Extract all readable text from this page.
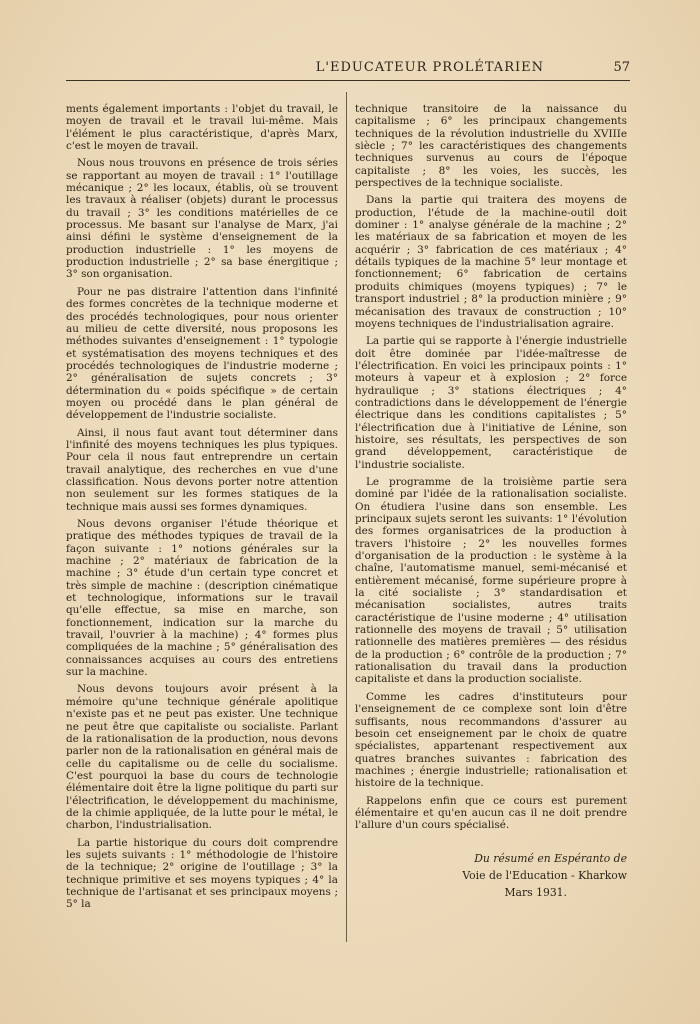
L'EDUCATEUR PROLÉTARIEN	57

ments également importants : l'objet du travail, le moyen de travail et le travail lui-même. Mais l'élément le plus caractéristique, d'après Marx, c'est le moyen de travail.

Nous nous trouvons en présence de trois séries se rapportant au moyen de travail : 1° l'outillage mécanique ; 2° les locaux, établis, où se trouvent les travaux à réaliser (objets) durant le processus du travail ; 3° les conditions matérielles de ce processus. Me basant sur l'analyse de Marx, j'ai ainsi défini le système d'enseignement de la production industrielle : 1° les moyens de production industrielle ; 2° sa base énergitique ; 3° son organisation.

Pour ne pas distraire l'attention dans l'infinité des formes concrètes de la technique moderne et des procédés technologiques, pour nous orienter au milieu de cette diversité, nous proposons les méthodes suivantes d'enseignement : 1° typologie et systématisation des moyens techniques et des procédés technologiques de l'industrie moderne ; 2° généralisation de sujets concrets ; 3° détermination du « poids spécifique » de certain moyen ou procédé dans le plan général de développement de l'industrie socialiste.

Ainsi, il nous faut avant tout déterminer dans l'infinité des moyens techniques les plus typiques. Pour cela il nous faut entreprendre un certain travail analytique, des recherches en vue d'une classification. Nous devons porter notre attention non seulement sur les formes statiques de la technique mais aussi ses formes dynamiques.

Nous devons organiser l'étude théorique et pratique des méthodes typiques de travail de la façon suivante : 1° notions générales sur la machine ; 2° matériaux de fabrication de la machine ; 3° étude d'un certain type concret et très simple de machine : (description cinématique et technologique, informations sur le travail qu'elle effectue, sa mise en marche, son fonctionnement, indication sur la marche du travail, l'ouvrier à la machine) ; 4° formes plus compliquées de la machine ; 5° généralisation des connaissances acquises au cours des entretiens sur la machine.

Nous devons toujours avoir présent à la mémoire qu'une technique générale apolitique n'existe pas et ne peut pas exister. Une technique ne peut être que capitaliste ou socialiste. Parlant de la rationalisation de la production, nous devons parler non de la rationalisation en général mais de celle du capitalisme ou de celle du socialisme. C'est pourquoi la base du cours de technologie élémentaire doit être la ligne politique du parti sur l'électrification, le développement du machinisme, de la chimie appliquée, de la lutte pour le métal, le charbon, l'industrialisation.

La partie historique du cours doit comprendre les sujets suivants : 1° méthodologie de l'histoire de la technique; 2° origine de l'outillage ; 3° la technique primitive et ses moyens typiques ; 4° la technique de l'artisanat et ses principaux moyens ; 5° la

technique transitoire de la naissance du capitalisme ; 6° les principaux changements techniques de la révolution industrielle du XVIIIe siècle ; 7° les caractéristiques des changements techniques survenus au cours de l'époque capitaliste ; 8° les voies, les succès, les perspectives de la technique socialiste.

Dans la partie qui traitera des moyens de production, l'étude de la machine-outil doit dominer : 1° analyse générale de la machine ; 2° les matériaux de sa fabrication et moyen de les acquérir ; 3° fabrication de ces matériaux ; 4° détails typiques de la machine 5° leur montage et fonctionnement; 6° fabrication de certains produits chimiques (moyens typiques) ; 7° le transport industriel ; 8° la production minière ; 9° mécanisation des travaux de construction ; 10° moyens techniques de l'industrialisation agraire.

La partie qui se rapporte à l'énergie industrielle doit être dominée par l'idée-maîtresse de l'électrification. En voici les principaux points : 1° moteurs à vapeur et à explosion ; 2° force hydraulique ; 3° stations électriques ; 4° contradictions dans le développement de l'énergie électrique dans les conditions capitalistes ; 5° l'électrification due à l'initiative de Lénine, son histoire, ses résultats, les perspectives de son grand développement, caractéristique de l'industrie socialiste.

Le programme de la troisième partie sera dominé par l'idée de la rationalisation socialiste. On étudiera l'usine dans son ensemble. Les principaux sujets seront les suivants: 1° l'évolution des formes organisatrices de la production à travers l'histoire ; 2° les nouvelles formes d'organisation de la production : le système à la chaîne, l'automatisme manuel, semi-mécanisé et entièrement mécanisé, forme supérieure propre à la cité socialiste ; 3° standardisation et mécanisation socialistes, autres traits caractéristique de l'usine moderne ; 4° utilisation rationnelle des moyens de travail ; 5° utilisation rationnelle des matières premières — des résidus de la production ; 6° contrôle de la production ; 7° rationalisation du travail dans la production capitaliste et dans la production socialiste.

Comme les cadres d'instituteurs pour l'enseignement de ce complexe sont loin d'être suffisants, nous recommandons d'assurer au besoin cet enseignement par le choix de quatre spécialistes, appartenant respectivement aux quatres branches suivantes : fabrication des machines ; énergie industrielle; rationalisation et histoire de la technique.

Rappelons enfin que ce cours est purement élémentaire et qu'en aucun cas il ne doit prendre l'allure d'un cours spécialisé.

Du résumé en Espéranto de
Voie de l'Education - Kharkow
Mars 1931.
